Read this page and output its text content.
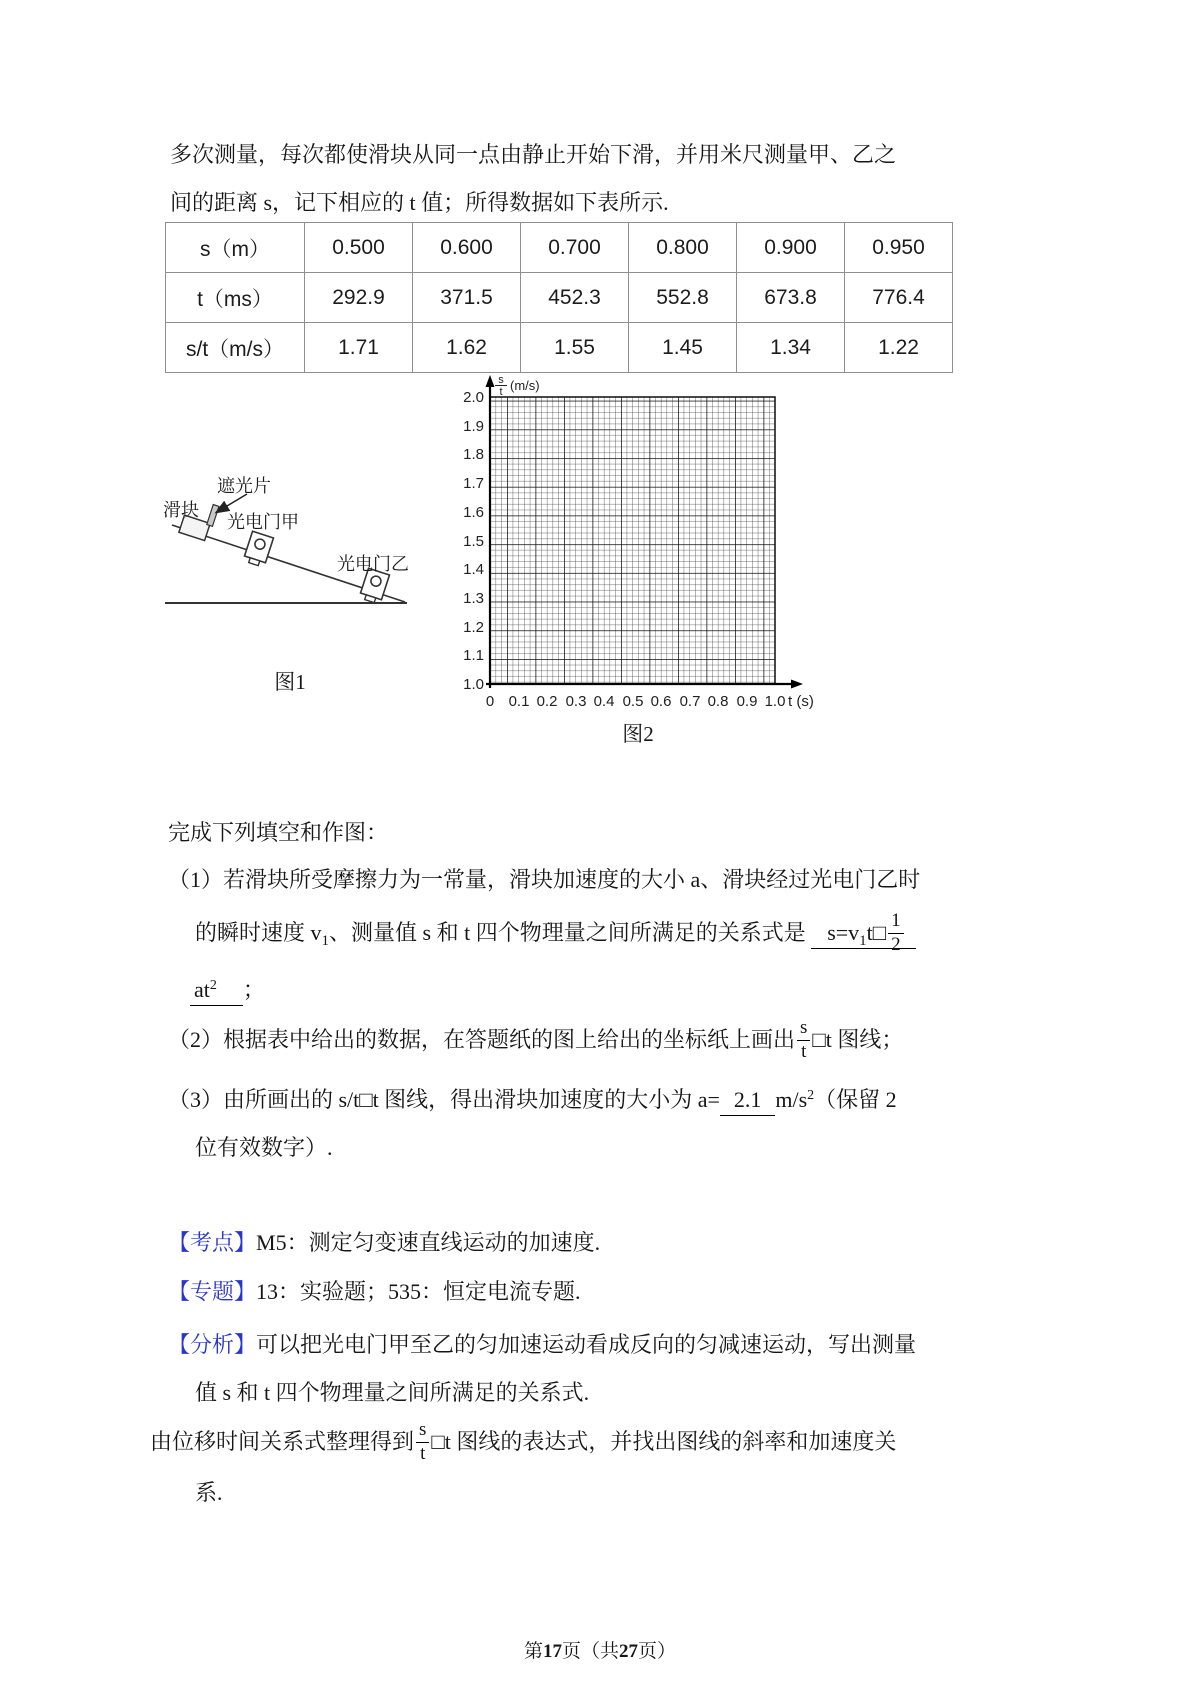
多次测量，每次都使滑块从同一点由静止开始下滑，并用米尺测量甲、乙之
间的距离 s，记下相应的 t 值；所得数据如下表所示.
s（m）	0.500	0.600	0.700	0.800	0.900	0.950
t（ms）	292.9	371.5	452.3	552.8	673.8	776.4
s/t（m/s）	1.71	1.62	1.55	1.45	1.34	1.22
遮光片
滑块
光电门甲
光电门乙
图1
s
t (m/s)
2.0
1.9
1.8
1.7
1.6
1.5
1.4
1.3
1.2
1.1
1.0
0 0.1 0.2 0.3 0.4 0.5 0.6 0.7 0.8 0.9 1.0 t (s)
图2
完成下列填空和作图：
（1）若滑块所受摩擦力为一常量，滑块加速度的大小 a、滑块经过光电门乙时
的瞬时速度 $v_1$、测量值 s 和 t 四个物理量之间所满足的关系式是 $s=v_1t□ \frac{1}{2}$
$at^2$ ；
（2）根据表中给出的数据，在答题纸的图上给出的坐标纸上画出 $\frac{s}{t}$ □t 图线；
（3）由所画出的 s/t□t 图线，得出滑块加速度的大小为 a= 2.1 $m/s^2$（保留 2
位有效数字）.
【考点】M5：测定匀变速直线运动的加速度.
【专题】13：实验题；535：恒定电流专题.
【分析】可以把光电门甲至乙的匀加速运动看成反向的匀减速运动，写出测量
值 s 和 t 四个物理量之间所满足的关系式.
由位移时间关系式整理得到 $\frac{s}{t}$ □t 图线的表达式，并找出图线的斜率和加速度关
系.
第17页（共27页）
